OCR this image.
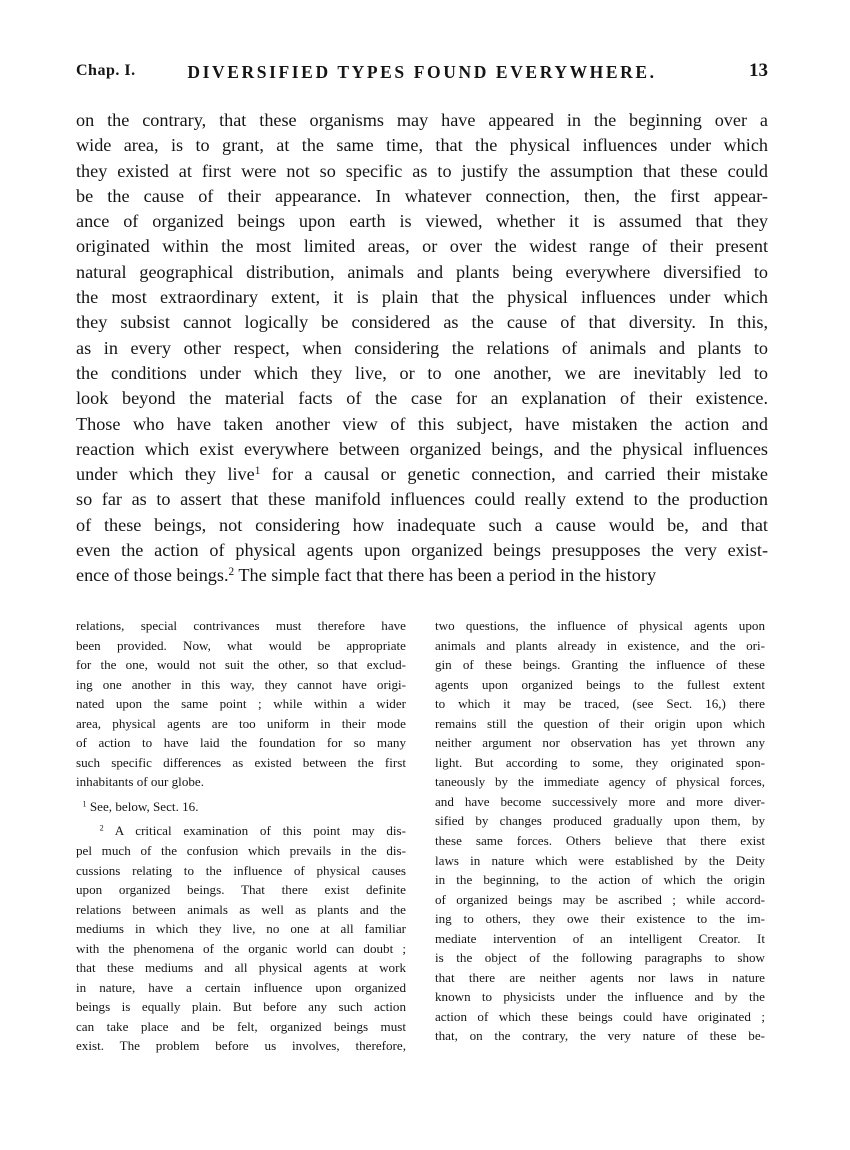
Chap. I.	DIVERSIFIED TYPES FOUND EVERYWHERE.	13
on the contrary, that these organisms may have appeared in the beginning over a
wide area, is to grant, at the same time, that the physical influences under which
they existed at first were not so specific as to justify the assumption that these could
be the cause of their appearance. In whatever connection, then, the first appear-
ance of organized beings upon earth is viewed, whether it is assumed that they
originated within the most limited areas, or over the widest range of their present
natural geographical distribution, animals and plants being everywhere diversified to
the most extraordinary extent, it is plain that the physical influences under which
they subsist cannot logically be considered as the cause of that diversity. In this,
as in every other respect, when considering the relations of animals and plants to
the conditions under which they live, or to one another, we are inevitably led to
look beyond the material facts of the case for an explanation of their existence.
Those who have taken another view of this subject, have mistaken the action and
reaction which exist everywhere between organized beings, and the physical influences
under which they live$^1$ for a causal or genetic connection, and carried their mistake
so far as to assert that these manifold influences could really extend to the production
of these beings, not considering how inadequate such a cause would be, and that
even the action of physical agents upon organized beings presupposes the very exist-
ence of those beings.$^2$ The simple fact that there has been a period in the history
relations, special contrivances must therefore have
been provided. Now, what would be appropriate
for the one, would not suit the other, so that exclud-
ing one another in this way, they cannot have origi-
nated upon the same point ; while within a wider
area, physical agents are too uniform in their mode
of action to have laid the foundation for so many
such specific differences as existed between the first
inhabitants of our globe.
$^1$ See, below, Sect. 16.
$^2$ A critical examination of this point may dis-
pel much of the confusion which prevails in the dis-
cussions relating to the influence of physical causes
upon organized beings. That there exist definite
relations between animals as well as plants and the
mediums in which they live, no one at all familiar
with the phenomena of the organic world can doubt ;
that these mediums and all physical agents at work
in nature, have a certain influence upon organized
beings is equally plain. But before any such action
can take place and be felt, organized beings must
exist. The problem before us involves, therefore,
two questions, the influence of physical agents upon
animals and plants already in existence, and the ori-
gin of these beings. Granting the influence of these
agents upon organized beings to the fullest extent
to which it may be traced, (see Sect. 16,) there
remains still the question of their origin upon which
neither argument nor observation has yet thrown any
light. But according to some, they originated spon-
taneously by the immediate agency of physical forces,
and have become successively more and more diver-
sified by changes produced gradually upon them, by
these same forces. Others believe that there exist
laws in nature which were established by the Deity
in the beginning, to the action of which the origin
of organized beings may be ascribed ; while accord-
ing to others, they owe their existence to the im-
mediate intervention of an intelligent Creator. It
is the object of the following paragraphs to show
that there are neither agents nor laws in nature
known to physicists under the influence and by the
action of which these beings could have originated ;
that, on the contrary, the very nature of these be-
